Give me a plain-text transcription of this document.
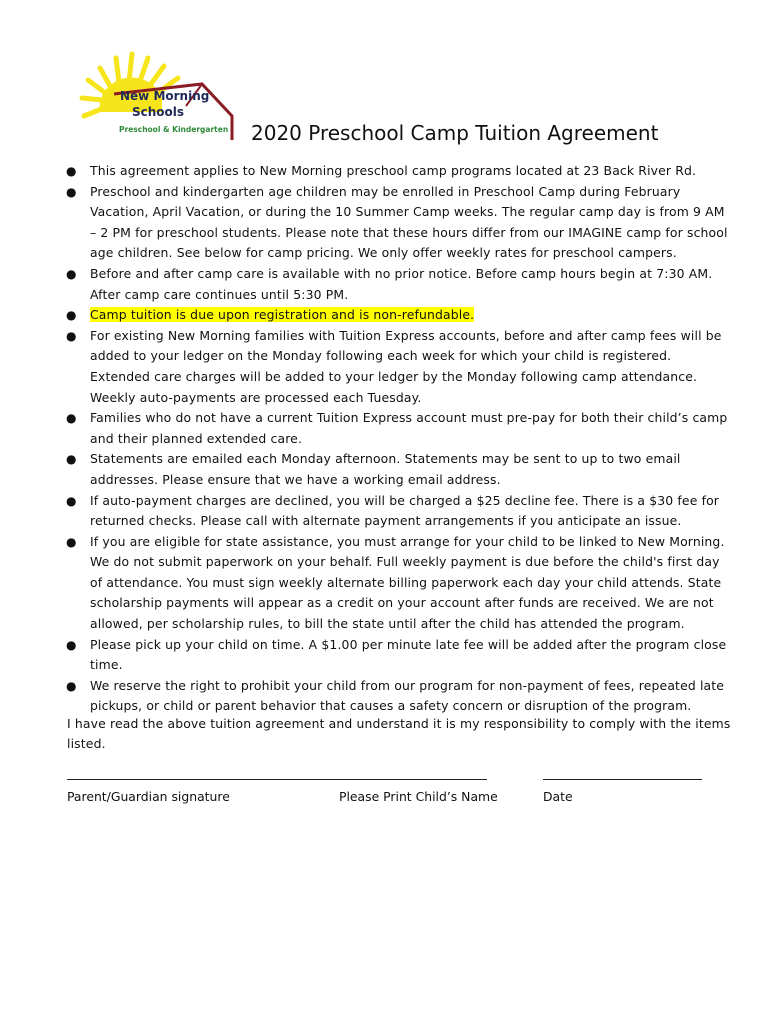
New Morning
Schools
Preschool & Kindergarten 2020 Preschool Camp Tuition Agreement
● This agreement applies to New Morning preschool camp programs located at 23 Back River Rd.
● Preschool and kindergarten age children may be enrolled in Preschool Camp during February Vacation, April Vacation, or during the 10 Summer Camp weeks. The regular camp day is from 9 AM – 2 PM for preschool students. Please note that these hours differ from our IMAGINE camp for school age children. See below for camp pricing. We only offer weekly rates for preschool campers.
● Before and after camp care is available with no prior notice. Before camp hours begin at 7:30 AM. After camp care continues until 5:30 PM.
● Camp tuition is due upon registration and is non-refundable.
● For existing New Morning families with Tuition Express accounts, before and after camp fees will be added to your ledger on the Monday following each week for which your child is registered. Extended care charges will be added to your ledger by the Monday following camp attendance. Weekly auto-payments are processed each Tuesday.
● Families who do not have a current Tuition Express account must pre-pay for both their child’s camp and their planned extended care.
● Statements are emailed each Monday afternoon. Statements may be sent to up to two email addresses. Please ensure that we have a working email address.
● If auto-payment charges are declined, you will be charged a $25 decline fee. There is a $30 fee for returned checks. Please call with alternate payment arrangements if you anticipate an issue.
● If you are eligible for state assistance, you must arrange for your child to be linked to New Morning. We do not submit paperwork on your behalf. Full weekly payment is due before the child's first day of attendance. You must sign weekly alternate billing paperwork each day your child attends. State scholarship payments will appear as a credit on your account after funds are received. We are not allowed, per scholarship rules, to bill the state until after the child has attended the program.
● Please pick up your child on time. A $1.00 per minute late fee will be added after the program close time.
● We reserve the right to prohibit your child from our program for non-payment of fees, repeated late pickups, or child or parent behavior that causes a safety concern or disruption of the program.
I have read the above tuition agreement and understand it is my responsibility to comply with the items listed.
Parent/Guardian signature	Please Print Child’s Name	Date
